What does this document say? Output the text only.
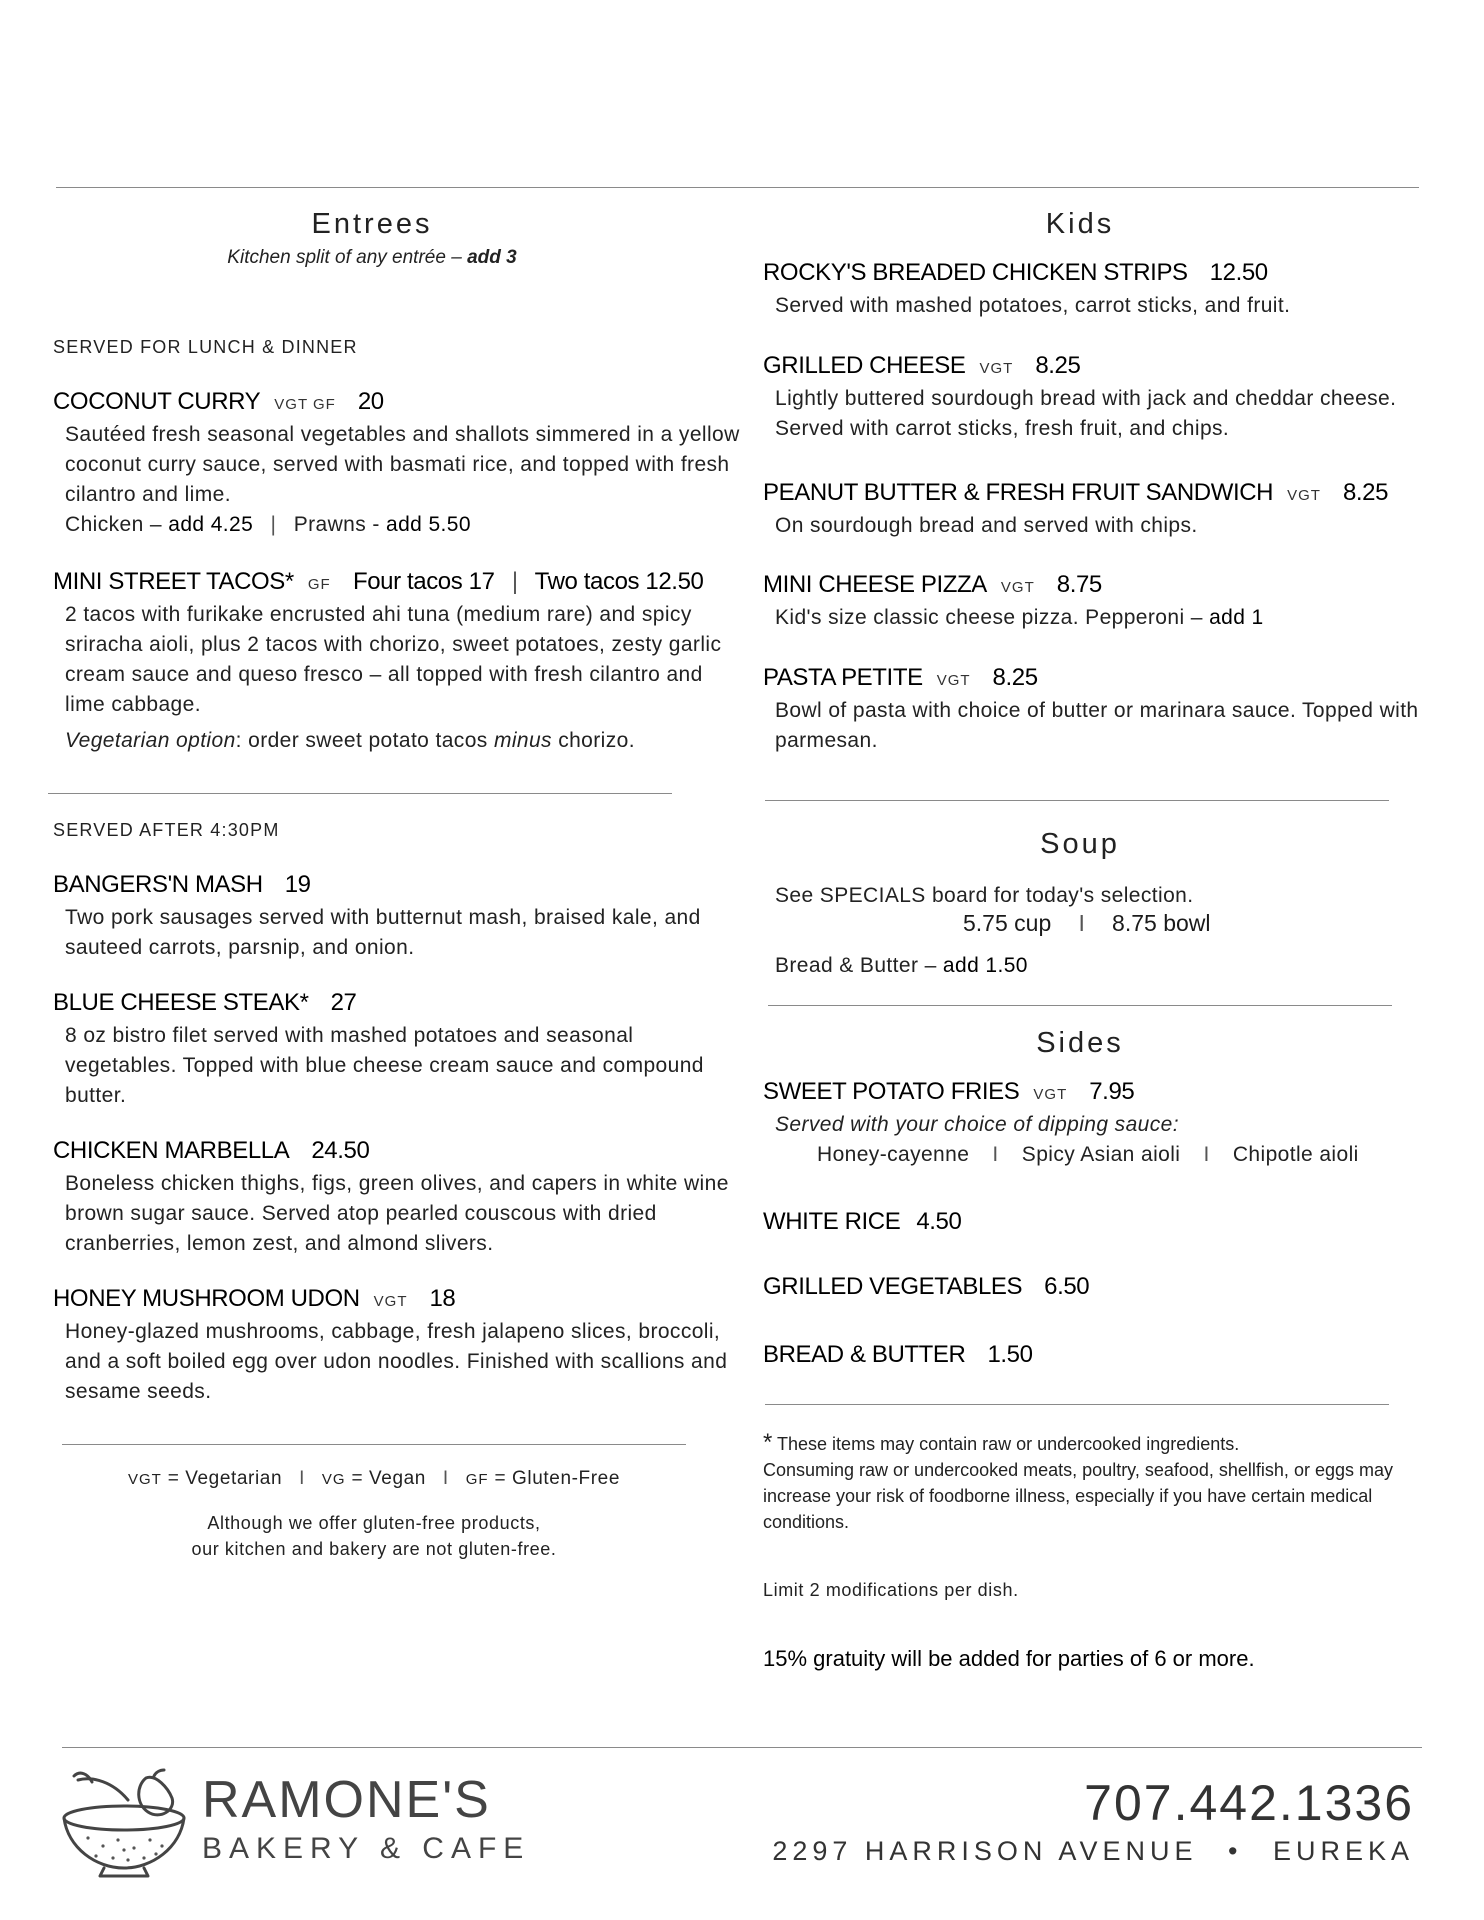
Entrees
Kitchen split of any entrée – add 3
SERVED FOR LUNCH & DINNER
COCONUT CURRY VGT GF 20
Sautéed fresh seasonal vegetables and shallots simmered in a yellow coconut curry sauce, served with basmati rice, and topped with fresh cilantro and lime.
Chicken – add 4.25 | Prawns - add 5.50
MINI STREET TACOS* GF Four tacos 17 | Two tacos 12.50
2 tacos with furikake encrusted ahi tuna (medium rare) and spicy sriracha aioli, plus 2 tacos with chorizo, sweet potatoes, zesty garlic cream sauce and queso fresco – all topped with fresh cilantro and lime cabbage.
Vegetarian option: order sweet potato tacos minus chorizo.
SERVED AFTER 4:30PM
BANGERS'N MASH 19
Two pork sausages served with butternut mash, braised kale, and sauteed carrots, parsnip, and onion.
BLUE CHEESE STEAK* 27
8 oz bistro filet served with mashed potatoes and seasonal vegetables. Topped with blue cheese cream sauce and compound butter.
CHICKEN MARBELLA 24.50
Boneless chicken thighs, figs, green olives, and capers in white wine brown sugar sauce. Served atop pearled couscous with dried cranberries, lemon zest, and almond slivers.
HONEY MUSHROOM UDON VGT 18
Honey-glazed mushrooms, cabbage, fresh jalapeno slices, broccoli, and a soft boiled egg over udon noodles. Finished with scallions and sesame seeds.
VGT = Vegetarian I VG = Vegan I GF = Gluten-Free
Although we offer gluten-free products,
our kitchen and bakery are not gluten-free.
Kids
ROCKY'S BREADED CHICKEN STRIPS 12.50
Served with mashed potatoes, carrot sticks, and fruit.
GRILLED CHEESE VGT 8.25
Lightly buttered sourdough bread with jack and cheddar cheese. Served with carrot sticks, fresh fruit, and chips.
PEANUT BUTTER & FRESH FRUIT SANDWICH VGT 8.25
On sourdough bread and served with chips.
MINI CHEESE PIZZA VGT 8.75
Kid's size classic cheese pizza. Pepperoni – add 1
PASTA PETITE VGT 8.25
Bowl of pasta with choice of butter or marinara sauce. Topped with parmesan.
Soup
See SPECIALS board for today's selection.
5.75 cup I 8.75 bowl
Bread & Butter – add 1.50
Sides
SWEET POTATO FRIES VGT 7.95
Served with your choice of dipping sauce:
Honey-cayenne I Spicy Asian aioli I Chipotle aioli
WHITE RICE 4.50
GRILLED VEGETABLES 6.50
BREAD & BUTTER 1.50
* These items may contain raw or undercooked ingredients.
Consuming raw or undercooked meats, poultry, seafood, shellfish, or eggs may increase your risk of foodborne illness, especially if you have certain medical conditions.
Limit 2 modifications per dish.
15% gratuity will be added for parties of 6 or more.
RAMONE'S
BAKERY & CAFE
707.442.1336
2297 HARRISON AVENUE • EUREKA
